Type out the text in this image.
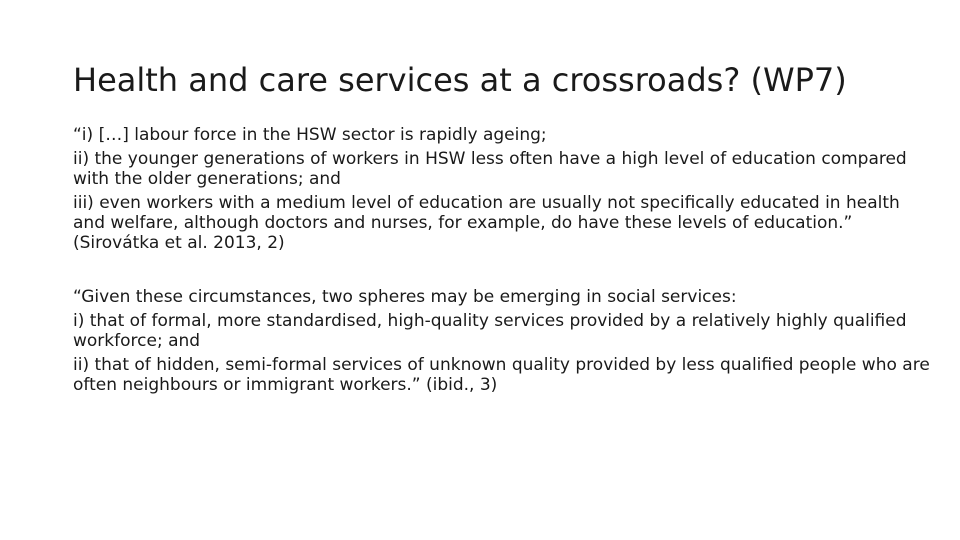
Health and care services at a crossroads? (WP7)

“i) […] labour force in the HSW sector is rapidly ageing;

ii) the younger generations of workers in HSW less often have a high level of education compared with the older generations; and

iii) even workers with a medium level of education are usually not specifically educated in health and welfare, although doctors and nurses, for example, do have these levels of education.” (Sirovátka et al. 2013, 2)

“Given these circumstances, two spheres may be emerging in social services:

i) that of formal, more standardised, high-quality services provided by a relatively highly qualified workforce; and

ii) that of hidden, semi-formal services of unknown quality provided by less qualified people who are often neighbours or immigrant workers.” (ibid., 3)
